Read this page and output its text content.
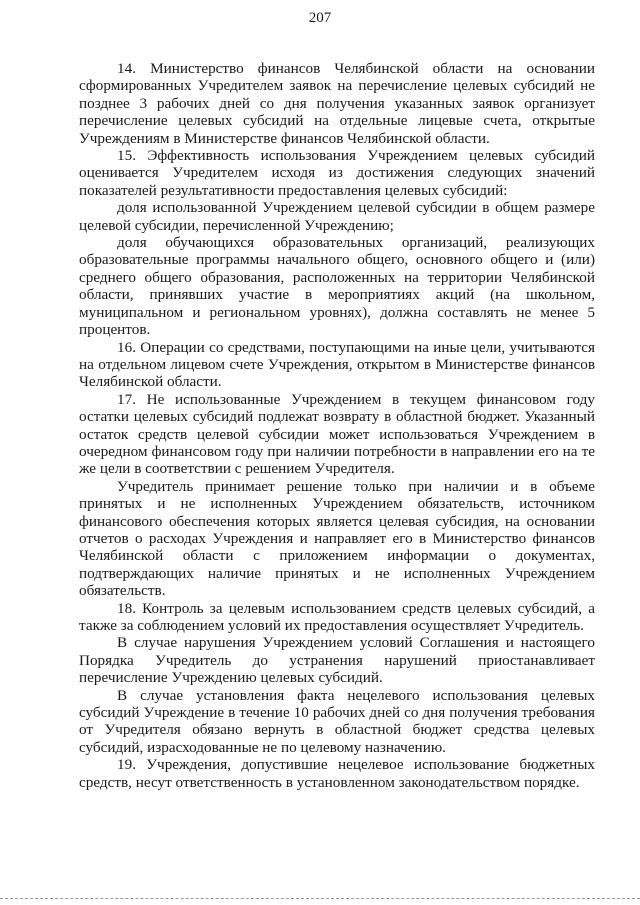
207

14. Министерство финансов Челябинской области на основании сформированных Учредителем заявок на перечисление целевых субсидий не позднее 3 рабочих дней со дня получения указанных заявок организует перечисление целевых субсидий на отдельные лицевые счета, открытые Учреждениям в Министерстве финансов Челябинской области.

15. Эффективность использования Учреждением целевых субсидий оценивается Учредителем исходя из достижения следующих значений показателей результативности предоставления целевых субсидий:

доля использованной Учреждением целевой субсидии в общем размере целевой субсидии, перечисленной Учреждению;

доля обучающихся образовательных организаций, реализующих образовательные программы начального общего, основного общего и (или) среднего общего образования, расположенных на территории Челябинской области, принявших участие в мероприятиях акций (на школьном, муниципальном и региональном уровнях), должна составлять не менее 5 процентов.

16. Операции со средствами, поступающими на иные цели, учитываются на отдельном лицевом счете Учреждения, открытом в Министерстве финансов Челябинской области.

17. Не использованные Учреждением в текущем финансовом году остатки целевых субсидий подлежат возврату в областной бюджет. Указанный остаток средств целевой субсидии может использоваться Учреждением в очередном финансовом году при наличии потребности в направлении его на те же цели в соответствии с решением Учредителя.

Учредитель принимает решение только при наличии и в объеме принятых и не исполненных Учреждением обязательств, источником финансового обеспечения которых является целевая субсидия, на основании отчетов о расходах Учреждения и направляет его в Министерство финансов Челябинской области с приложением информации о документах, подтверждающих наличие принятых и не исполненных Учреждением обязательств.

18. Контроль за целевым использованием средств целевых субсидий, а также за соблюдением условий их предоставления осуществляет Учредитель.

В случае нарушения Учреждением условий Соглашения и настоящего Порядка Учредитель до устранения нарушений приостанавливает перечисление Учреждению целевых субсидий.

В случае установления факта нецелевого использования целевых субсидий Учреждение в течение 10 рабочих дней со дня получения требования от Учредителя обязано вернуть в областной бюджет средства целевых субсидий, израсходованные не по целевому назначению.

19. Учреждения, допустившие нецелевое использование бюджетных средств, несут ответственность в установленном законодательством порядке.
